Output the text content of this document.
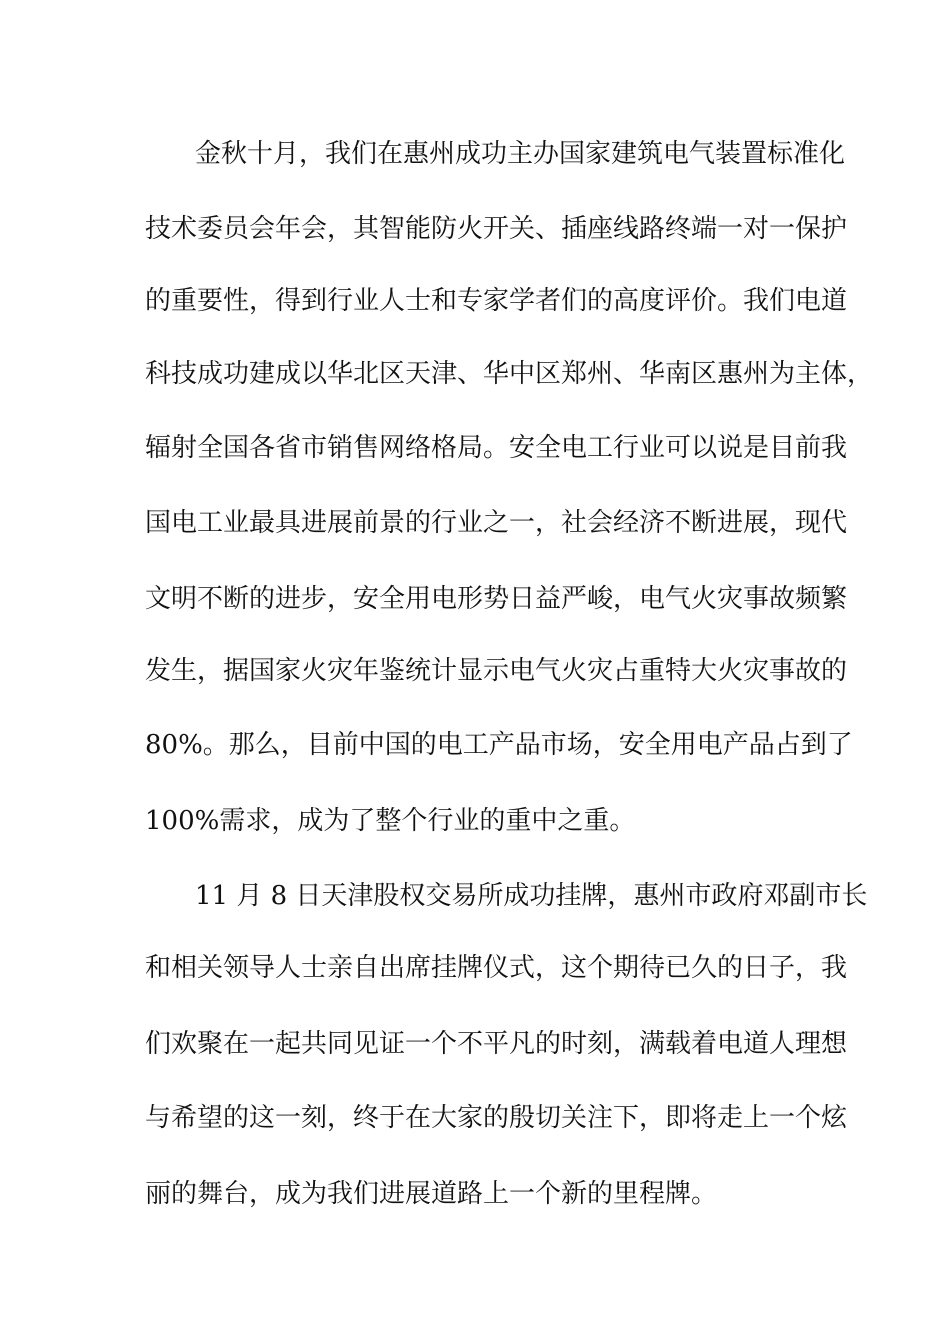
金秋十月，我们在惠州成功主办国家建筑电气装置标准化
技术委员会年会，其智能防火开关、插座线路终端一对一保护
的重要性，得到行业人士和专家学者们的高度评价。我们电道
科技成功建成以华北区天津、华中区郑州、华南区惠州为主体，
辐射全国各省市销售网络格局。安全电工行业可以说是目前我
国电工业最具进展前景的行业之一，社会经济不断进展，现代
文明不断的进步，安全用电形势日益严峻，电气火灾事故频繁
发生，据国家火灾年鉴统计显示电气火灾占重特大火灾事故的
80%。那么，目前中国的电工产品市场，安全用电产品占到了
100%需求，成为了整个行业的重中之重。
11 月 8 日天津股权交易所成功挂牌，惠州市政府邓副市长
和相关领导人士亲自出席挂牌仪式，这个期待已久的日子，我
们欢聚在一起共同见证一个不平凡的时刻，满载着电道人理想
与希望的这一刻，终于在大家的殷切关注下，即将走上一个炫
丽的舞台，成为我们进展道路上一个新的里程牌。
